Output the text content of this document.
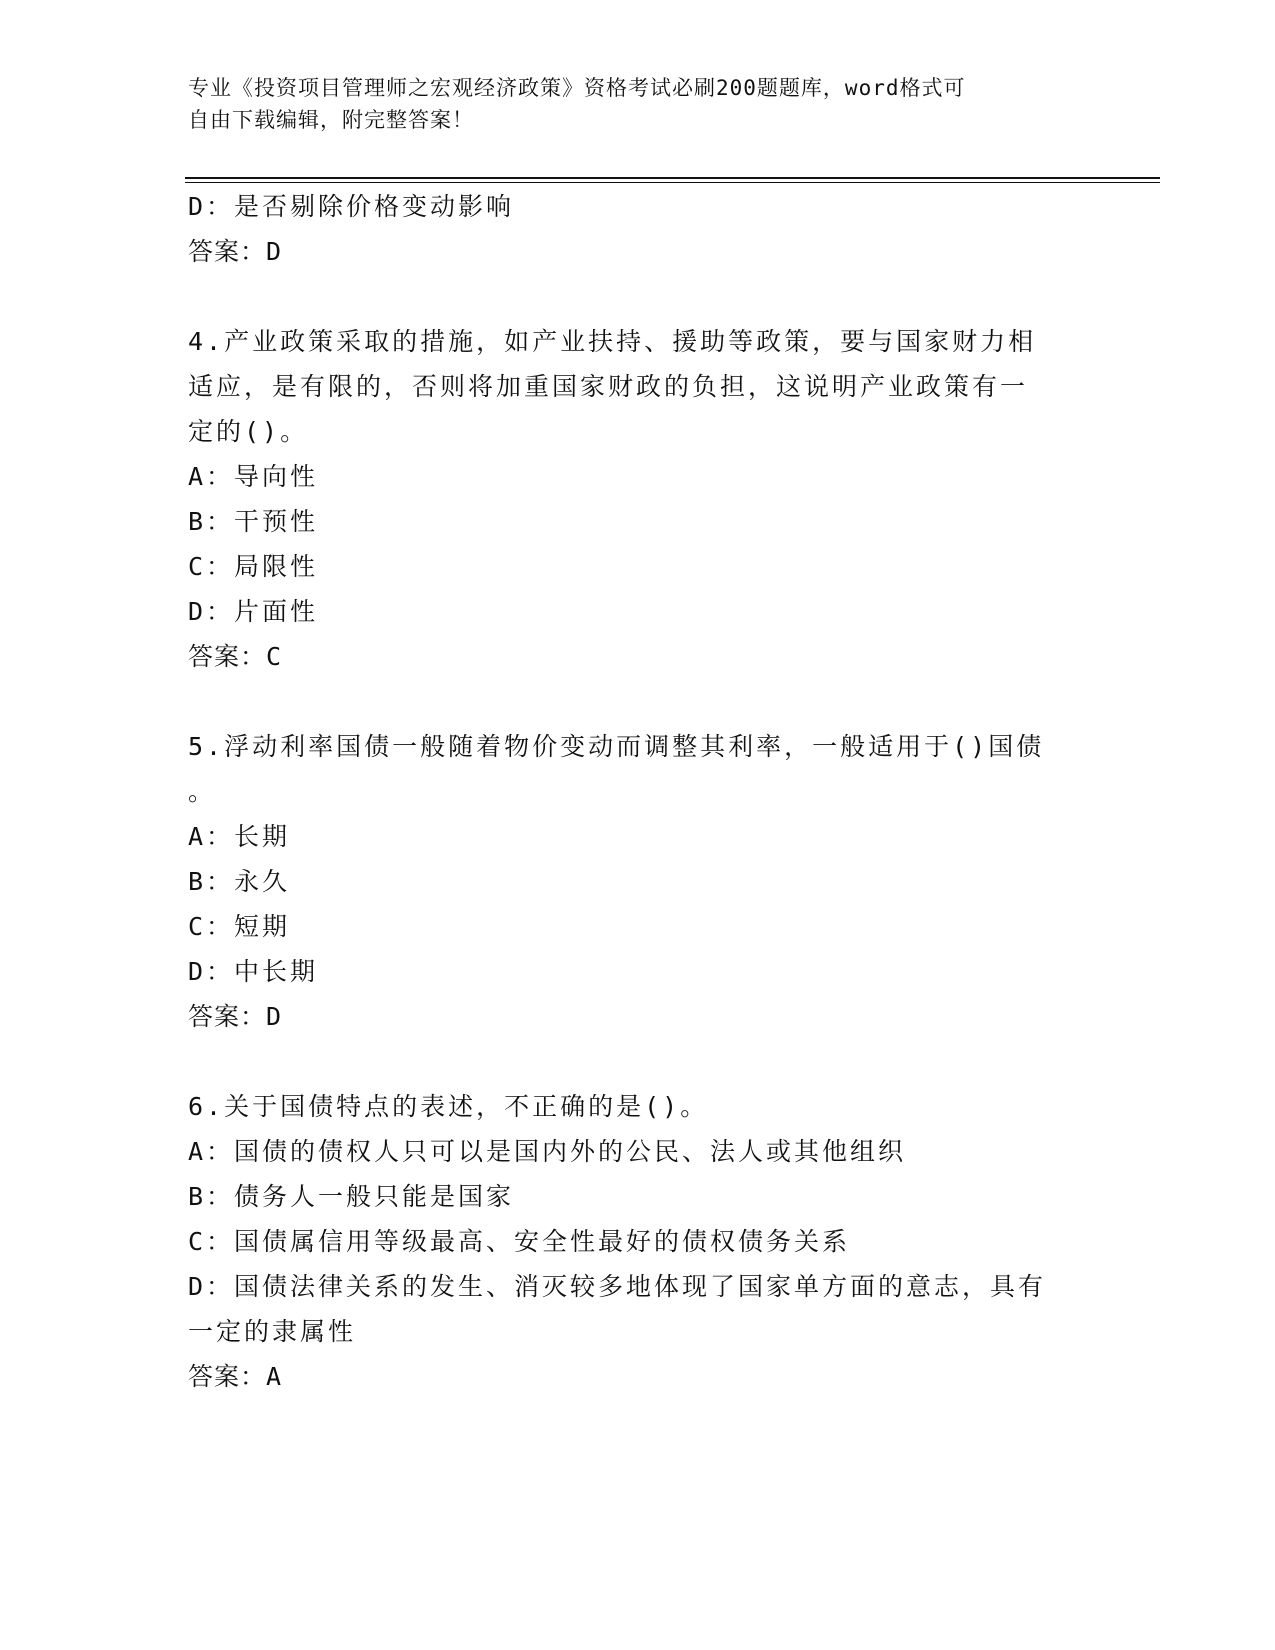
专业《投资项目管理师之宏观经济政策》资格考试必刷200题题库，word格式可
自由下载编辑，附完整答案！
D：是否剔除价格变动影响
答案：D
4.产业政策采取的措施，如产业扶持、援助等政策，要与国家财力相
适应，是有限的，否则将加重国家财政的负担，这说明产业政策有一
定的()。
A：导向性
B：干预性
C：局限性
D：片面性
答案：C
5.浮动利率国债一般随着物价变动而调整其利率，一般适用于()国债
。
A：长期
B：永久
C：短期
D：中长期
答案：D
6.关于国债特点的表述，不正确的是()。
A：国债的债权人只可以是国内外的公民、法人或其他组织
B：债务人一般只能是国家
C：国债属信用等级最高、安全性最好的债权债务关系
D：国债法律关系的发生、消灭较多地体现了国家单方面的意志，具有
一定的隶属性
答案：A
